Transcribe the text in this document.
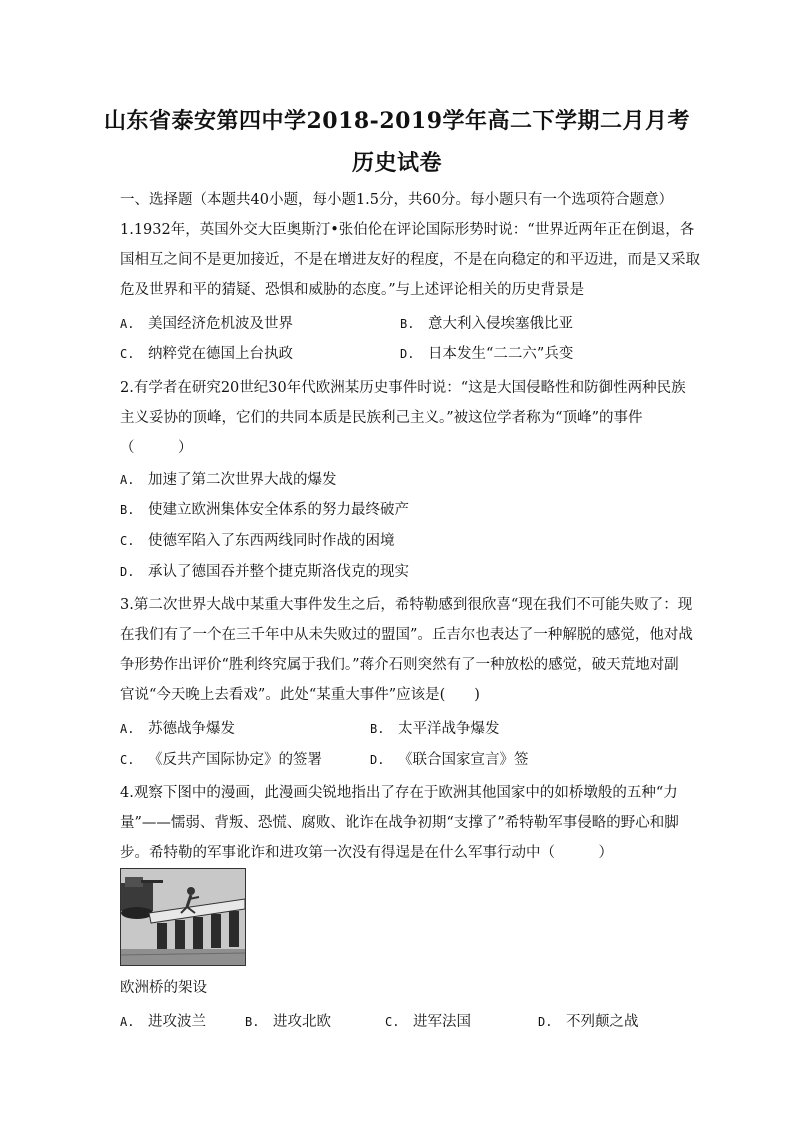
山东省泰安第四中学2018-2019学年高二下学期二月月考
历史试卷
一、选择题（本题共40小题，每小题1.5分，共60分。每小题只有一个选项符合题意）
1.1932年，英国外交大臣奥斯汀•张伯伦在评论国际形势时说：“世界近两年正在倒退，各
国相互之间不是更加接近，不是在增进友好的程度，不是在向稳定的和平迈进，而是又采取
危及世界和平的猜疑、恐惧和威胁的态度。”与上述评论相关的历史背景是
A. 美国经济危机波及世界	B. 意大利入侵埃塞俄比亚
C. 纳粹党在德国上台执政	D. 日本发生“二二六”兵变
2.有学者在研究20世纪30年代欧洲某历史事件时说：“这是大国侵略性和防御性两种民族
主义妥协的顶峰，它们的共同本质是民族利己主义。”被这位学者称为“顶峰”的事件
（　　　）
A. 加速了第二次世界大战的爆发
B. 使建立欧洲集体安全体系的努力最终破产
C. 使德军陷入了东西两线同时作战的困境
D. 承认了德国吞并整个捷克斯洛伐克的现实
3.第二次世界大战中某重大事件发生之后，希特勒感到很欣喜“现在我们不可能失败了：现
在我们有了一个在三千年中从未失败过的盟国”。丘吉尔也表达了一种解脱的感觉，他对战
争形势作出评价“胜利终究属于我们。”蒋介石则突然有了一种放松的感觉，破天荒地对副
官说“今天晚上去看戏”。此处“某重大事件”应该是(　　)
A. 苏德战争爆发	B. 太平洋战争爆发
C. 《反共产国际协定》的签署	D. 《联合国家宣言》签
4.观察下图中的漫画，此漫画尖锐地指出了存在于欧洲其他国家中的如桥墩般的五种“力
量”——懦弱、背叛、恐慌、腐败、讹诈在战争初期“支撑了”希特勒军事侵略的野心和脚
步。希特勒的军事讹诈和进攻第一次没有得逞是在什么军事行动中（　　　）
欧洲桥的架设
A. 进攻波兰	B. 进攻北欧	C. 进军法国	D. 不列颠之战
